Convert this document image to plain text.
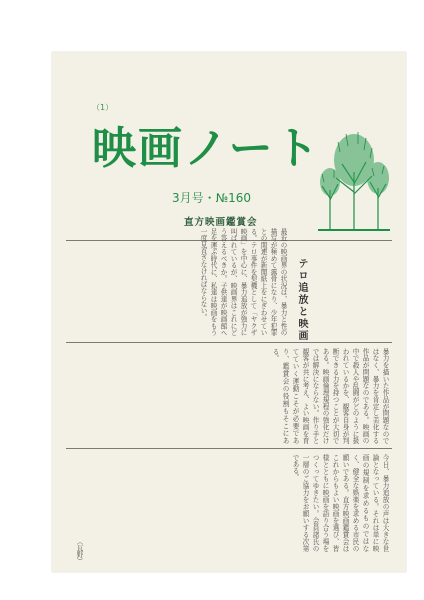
（1）
映画ノート
3月号・№160
直方映画鑑賞会
テロ追放と映画
最近の映画界の状況は、暴力と性の描写が極めて露骨になり、少年犯罪との関連が新聞紙上をにぎわせている。テロ事件を契機として「ヤクザ映画」を中心に、暴力追放が強力に叫ばれているが、映画界はこれにどう答えるべきか。子供達が映画館へ足を運ぶ時代に、私達は映画をもう一度見直さなければならない。
暴力を描いた作品が問題なのではなく、暴力を肯定し美化する作品が問題なのである。映画の中で殺人や乱闘がどのように扱われているかを、観客自身が判断できる力を持つことが大切である。映画倫理規程の強化だけでは解決にならない。作り手と観客が共に考え、よい映画を育てていく運動こそが必要であり、鑑賞会の役割もそこにある。
今日、暴力追放の声は大きな世論となっている。それは単に映画の規制を求めるものではなく、健全な娯楽を求める市民の願いである。直方映画鑑賞会はこれからもよい映画を選び、皆様とともに映画を語り合う場をつくってゆきたい。会員諸氏の一層のご協力をお願いする次第である。
（瓦野）
